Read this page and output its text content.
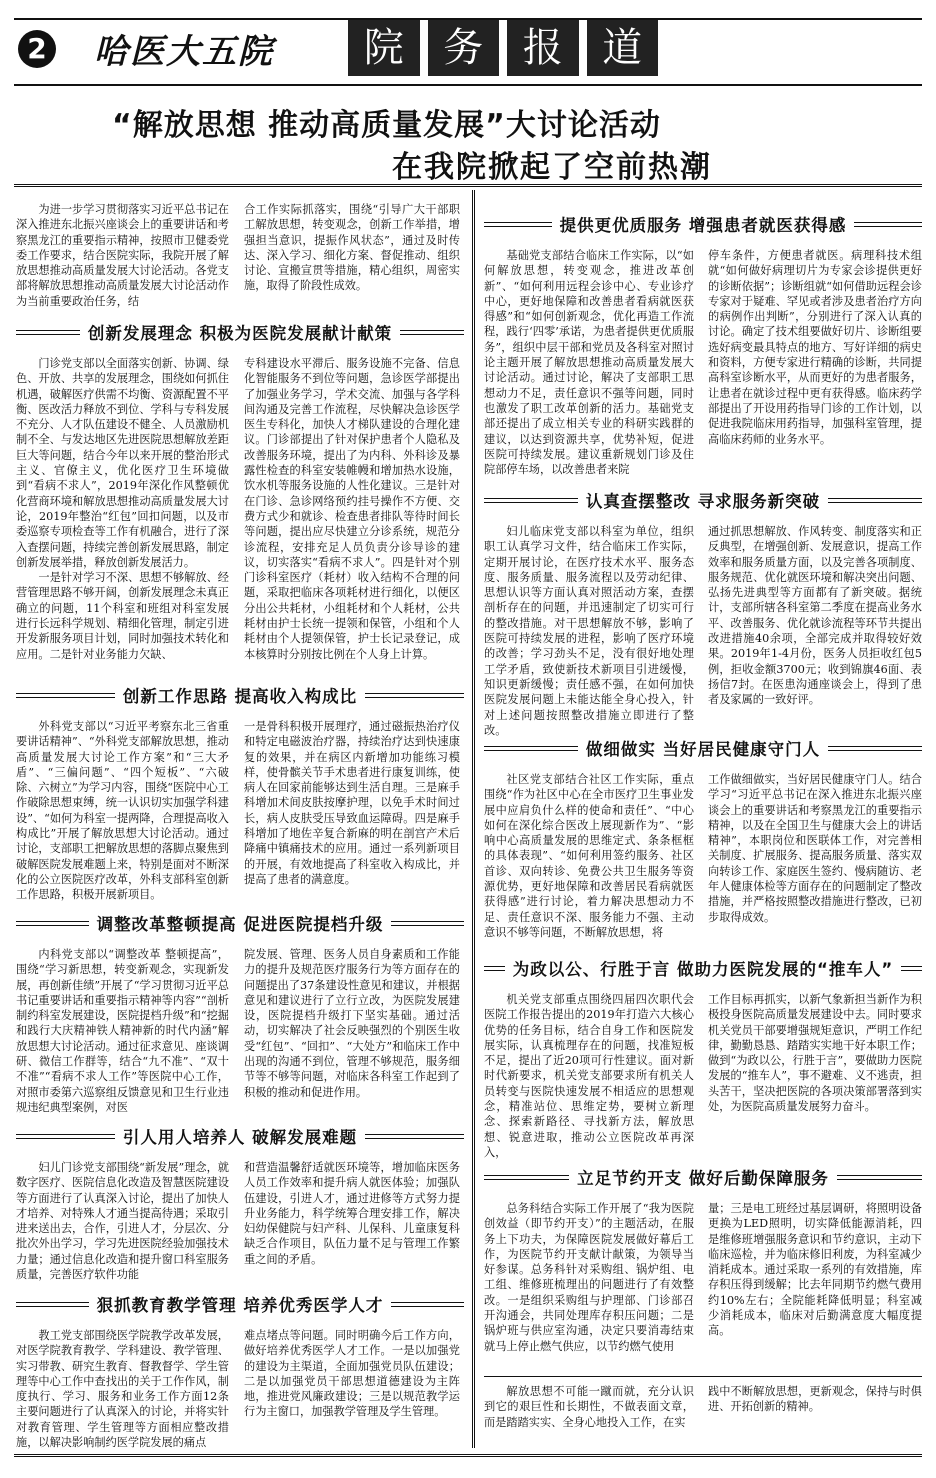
2 哈医大五院	院 务 报 道
“解放思想 推动高质量发展”大讨论活动
在我院掀起了空前热潮

为进一步学习贯彻落实习近平总书记在深入推进东北振兴座谈会上的重要讲话和考察黑龙江的重要指示精神，按照市卫健委党委工作要求，结合医院实际，我院开展了解放思想推动高质量发展大讨论活动。各党支部将解放思想推动高质量发展大讨论活动作为当前重要政治任务，结

合工作实际抓落实，围绕“引导广大干部职工解放思想，转变观念，创新工作举措，增强担当意识，提振作风状态”，通过及时传达、深入学习、细化方案、督促推动、组织讨论、宣搬宣贯等措施，精心组织，周密实施，取得了阶段性成效。

创新发展理念 积极为医院发展献计献策

门诊党支部以全面落实创新、协调、绿色、开放、共享的发展理念，围绕如何抓住机遇，破解医疗供需不均衡、资源配置不平衡、医改活力释放不到位、学科与专科发展不充分、人才队伍建设不健全、人员激励机制不全、与发达地区先进医院思想解放差距巨大等问题，结合今年以来开展的整治形式主义、官僚主义，优化医疗卫生环境做到“看病不求人”，2019年深化作风整顿优化营商环境和解放思想推动高质量发展大讨论，2019年整治“红包”回扣问题，以及市委巡察专项检查等工作有机融合，进行了深入查摆问题，持续完善创新发展思路，制定创新发展举措，释放创新发展活力。
一是针对学习不深、思想不够解放、经营管理思路不够开阔，创新发展理念未真正确立的问题，11个科室和班组对科室发展进行长远科学规划、精细化管理，制定引进开发新服务项目计划，同时加强技术转化和应用。二是针对业务能力欠缺、

专科建设水平滞后、服务设施不完备、信息化智能服务不到位等问题，急诊医学部提出了加强业务学习，学术交流、加强与各学科间沟通及完善工作流程，尽快解决急诊医学医生专科化，加快人才梯队建设的合理化建议。门诊部提出了针对保护患者个人隐私及改善服务环境，提出了为内科、外科诊及暴露性检查的科室安装帷幔和增加热水设施，饮水机等服务设施的人性化建议。三是针对在门诊、急诊网络预约挂号操作不方便、交费方式少和就诊、检查患者排队等待时间长等问题，提出应尽快建立分诊系统，规范分诊流程，安排充足人员负责分诊导诊的建议，切实落实“看病不求人”。四是针对个别门诊科室医疗（耗材）收入结构不合理的问题，采取把临床各项耗材进行细化，以便区分出公共耗材，小组耗材和个人耗材，公共耗材由护士长统一提领和保管，小组和个人耗材由个人提领保管，护士长记录登记，成本核算时分别按比例在个人身上计算。

创新工作思路 提高收入构成比

外科党支部以“习近平考察东北三省重要讲话精神”、“外科党支部解放思想，推动高质量发展大讨论工作方案”和“三大矛盾”、“三偏问题”、“四个短板”、“六破除、六树立”为学习内容，围绕“医院中心工作破除思想束缚，统一认识切实加强学科建设”、“如何为科室一提两降，合理提高收入构成比”开展了解放思想大讨论活动。通过讨论，支部职工把解放思想的落脚点聚焦到破解医院发展难题上来，特别是面对不断深化的公立医院医疗改革，外科支部科室创新工作思路，积极开展新项目。

一是骨科积极开展理疗，通过磁振热治疗仪和特定电磁波治疗器，持续治疗达到快速康复的效果，并在病区内新增加功能练习模样，使骨髌关节手术患者进行康复训练，使病人在回家前能够达到生活自理。三是麻手科增加术间皮肤按摩护理，以免手术时间过长，病人皮肤受压导致血运障碍。四是麻手科增加了地佐辛复合新麻的明在剖宫产术后降痛中镇痛技术的应用。通过一系列新项目的开展，有效地提高了科室收入构成比，并提高了患者的满意度。

调整改革整顿提高 促进医院提档升级

内科党支部以“调整改革 整顿提高”，围绕“学习新思想，转变新观念，实现新发展，再创新佳绩”开展了“学习贯彻习近平总书记重要讲话和重要指示精神等内容”“剖析制约科室发展建设，医院提档升级”和“挖掘和践行大庆精神铁人精神新的时代内涵”解放思想大讨论活动。通过征求意见、座谈调研、微信工作群等，结合“九不准”、“双十不准”“看病不求人工作”等医院中心工作，对照市委第六巡察组反馈意见和卫生行业违规违纪典型案例，对医

院发展、管理、医务人员自身素质和工作能力的提升及规范医疗服务行为等方面存在的问题提出了37条建设性意见和建议，并根据意见和建议进行了立行立改，为医院发展建设，医院提档升级打下坚实基础。通过活动，切实解决了社会反映强烈的个别医生收受“红包”、“回扣”、“大处方”和临床工作中出现的沟通不到位，管理不够规范，服务细节等不够等问题，对临床各科室工作起到了积极的推动和促进作用。

引人用人培养人 破解发展难题

妇儿门诊党支部围绕“新发展”理念，就数字医疗、医院信息化改造及智慧医院建设等方面进行了认真深入讨论，提出了加快人才培养、对特殊人才通当提高待遇；采取引进来送出去，合作，引进人才，分层次、分批次外出学习，学习先进医院经验加强技术力量；通过信息化改造和提升窗口科室服务质量，完善医疗软件功能

和营造温馨舒适就医环境等，增加临床医务人员工作效率和提升病人就医体验；加强队伍建设，引进人才，通过进修等方式努力提升业务能力，科学统筹合理安排工作，解决妇幼保健院与妇产科、儿保科、儿童康复科缺乏合作项目，队伍力量不足与管理工作繁重之间的矛盾。

狠抓教育教学管理 培养优秀医学人才

教工党支部围绕医学院教学改革发展，对医学院教育教学、学科建设、教学管理、实习带教、研究生教育、督教督学、学生管理等中心工作中查找出的关于工作作风，制度执行、学习、服务和业务工作方面12条主要问题进行了认真深入的讨论，并将实针对教育管理、学生管理等方面相应整改措施，以解决影响制约医学院发展的痛点

难点堵点等问题。同时明确今后工作方向，做好培养优秀医学人才工作。一是以加强党的建设为主渠道，全面加强党员队伍建设；二是以加强党员干部思想道德建设为主阵地，推进党风廉政建设；三是以规范教学运行为主窗口，加强教学管理及学生管理。

提供更优质服务 增强患者就医获得感

基础党支部结合临床工作实际，以“如何解放思想，转变观念，推进改革创新”、“如何利用远程会诊中心、专业诊疗中心，更好地保障和改善患者看病就医获得感”和“如何创新观念，优化再造工作流程，践行‘四零’承诺，为患者提供更优质服务”，组织中层干部和党员及各科室对照讨论主题开展了解放思想推动高质量发展大讨论活动。通过讨论，解决了支部职工思想动力不足，责任意识不强等问题，同时也激发了职工改革创新的活力。基础党支部还提出了成立相关专业的科研实践群的建议，以达到资源共享，优势补短，促进医院可持续发展。建议重新规划门诊及住院部停车场，以改善患者来院

停车条件，方便患者就医。病理科技术组就“如何做好病理切片为专家会诊提供更好的诊断依据”；诊断组就“如何借助远程会诊专家对于疑难、罕见或者涉及患者治疗方向的病例作出判断”，分别进行了深入认真的讨论。确定了技术组要做好切片、诊断组要选好病变最具特点的地方、写好详细的病史和资料，方便专家进行精确的诊断，共同提高科室诊断水平，从而更好的为患者服务，让患者在就诊过程中更有获得感。临床药学部提出了开设用药指导门诊的工作计划，以促进我院临床用药指导，加强科室管理，提高临床药师的业务水平。

认真查摆整改 寻求服务新突破

妇儿临床党支部以科室为单位，组织职工认真学习文件，结合临床工作实际，定期开展讨论，在医疗技术水平、服务态度、服务质量、服务流程以及劳动纪律、思想认识等方面认真对照活动方案，查摆剖析存在的问题，并迅速制定了切实可行的整改措施。对干思想解放不够，影响了医院可持续发展的进程，影响了医疗环境的改善；学习劲头不足，没有很好地处理工学矛盾，致使新技术新项目引进缓慢，知识更新缓慢；责任感不强，在如何加快医院发展问题上未能达能全身心投入，针对上述问题按照整改措施立即进行了整改。

通过抓思想解放、作风转变、制度落实和正反典型，在增强创新、发展意识，提高工作效率和服务质量方面，以及完善各项制度、服务规范、优化就医环境和解决突出问题、弘扬先进典型等方面都有了新突破。据统计，支部所辖各科室第二季度在提高业务水平、改善服务、优化就诊流程等环节共提出改进措施40余项，全部完成并取得较好效果。2019年1-4月份，医务人员拒收红包5例，拒收金额3700元；收到锦旗46面、表扬信7封。在医患沟通座谈会上，得到了患者及家属的一致好评。

做细做实 当好居民健康守门人

社区党支部结合社区工作实际，重点围绕“作为社区中心在全市医疗卫生事业发展中应肩负什么样的使命和责任”、“中心如何在深化综合医改上展现新作为”、“影响中心高质量发展的思维定式、条条框框的具体表现”、“如何利用签约服务、社区首诊、双向转诊、免费公共卫生服务等资源优势，更好地保障和改善居民看病就医获得感”进行讨论，着力解决思想动力不足、责任意识不深、服务能力不强、主动意识不够等问题，不断解放思想，将

工作做细做实，当好居民健康守门人。结合学习“习近平总书记在深入推进东北振兴座谈会上的重要讲话和考察黑龙江的重要指示精神，以及在全国卫生与健康大会上的讲话精神”，本职岗位和医联体工作，对完善相关制度、扩展服务、提高服务质量、落实双向转诊工作、家庭医生签约、慢病随访、老年人健康体检等方面存在的问题制定了整改措施，并严格按照整改措施进行整改，已初步取得成效。

为政以公、行胜于言 做助力医院发展的“推车人”

机关党支部重点围绕四届四次职代会医院工作报告提出的2019年打造六大核心优势的任务目标，结合自身工作和医院发展实际，认真梳理存在的问题，找准短板不足，提出了近20项可行性建议。面对新时代新要求，机关党支部要求所有机关人员转变与医院快速发展不相适应的思想观念，精准站位、思维定势，要树立新理念、探索新路径、寻找新方法，解放思想、锐意进取，推动公立医院改革再深入，

工作目标再抓实，以新气象新担当新作为积极投身医院高质量发展建设中去。同时要求机关党员干部要增强规矩意识，严明工作纪律，勤勤恳恳、踏踏实实地干好本职工作；做到“为政以公，行胜于言”，要做助力医院发展的“推车人”，事不避难、义不逃责，担头苦干，坚决把医院的各项决策部署落到实处，为医院高质量发展努力奋斗。

立足节约开支 做好后勤保障服务

总务科结合实际工作开展了“我为医院创效益（即节约开支）”的主题活动，在服务上下功夫，为保障医院发展做好幕后工作，为医院节约开支献计献策，为领导当好参谋。总务科针对采购组、锅炉组、电工组、维修班梳理出的问题进行了有效整改。一是组织采购组与护理部、门诊部召开沟通会，共同处理库存积压问题；二是锅炉班与供应室沟通，决定只要消毒结束就马上停止燃气供应，以节约燃气使用

量；三是电工班经过基层调研，将照明设备更换为LED照明，切实降低能源消耗，四是维修班增强服务意识和节约意识，主动下临床巡检，并为临床修旧利废，为科室减少消耗成本。通过采取一系列的有效措施，库存积压得到缓解；比去年同期节约燃气费用约10%左右；全院能耗降低明显；科室减少消耗成本，临床对后勤满意度大幅度提高。

解放思想不可能一蹴而就，充分认识到它的艰巨性和长期性，不做表面文章，而是踏踏实实、全身心地投入工作，在实

践中不断解放思想，更新观念，保持与时俱进、开拓创新的精神。
